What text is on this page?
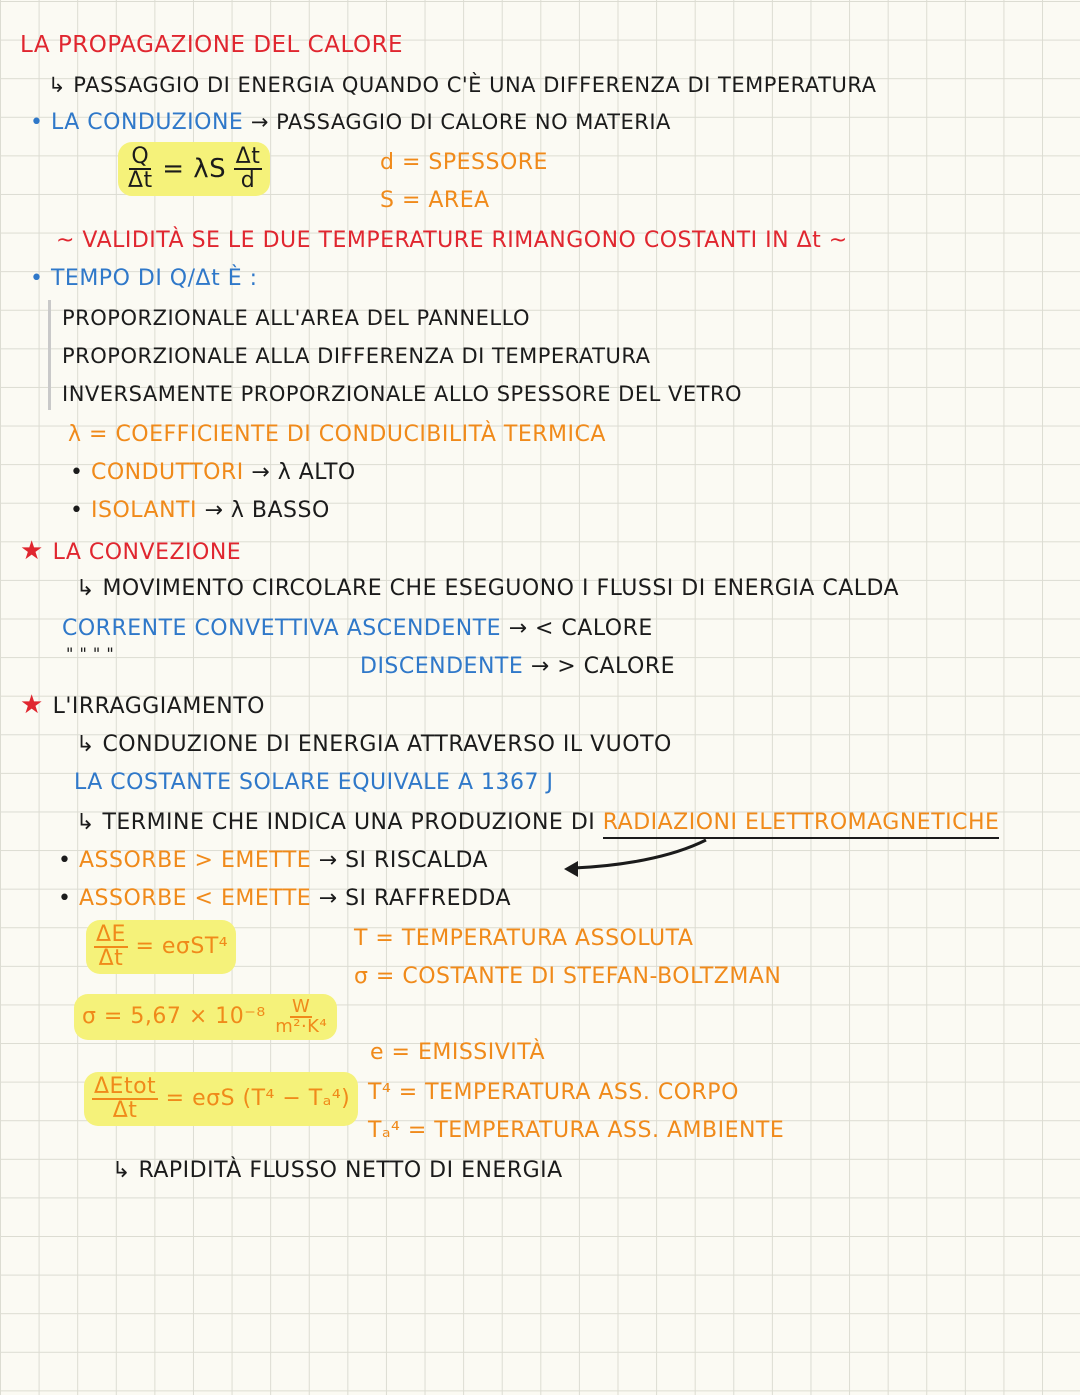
LA PROPAGAZIONE DEL CALORE
↳ PASSAGGIO DI ENERGIA QUANDO C'È UNA DIFFERENZA DI TEMPERATURA
• LA CONDUZIONE → PASSAGGIO DI CALORE NO MATERIA
$\frac{Q}{\Delta t} = \lambda S \frac{\Delta t}{d}$	d = SPESSORE
S = AREA
~ VALIDITÀ SE LE DUE TEMPERATURE RIMANGONO COSTANTI IN Δt ~
• TEMPO DI Q/Δt È :
PROPORZIONALE ALL'AREA DEL PANNELLO
PROPORZIONALE ALLA DIFFERENZA DI TEMPERATURA
INVERSAMENTE PROPORZIONALE ALLO SPESSORE DEL VETRO
λ = COEFFICIENTE DI CONDUCIBILITÀ TERMICA
• CONDUTTORI → λ ALTO
• ISOLANTI → λ BASSO
★ LA CONVEZIONE
↳ MOVIMENTO CIRCOLARE CHE ESEGUONO I FLUSSI DI ENERGIA CALDA
CORRENTE CONVETTIVA ASCENDENTE → < CALORE
" " " "
DISCENDENTE → > CALORE
★ L'IRRAGGIAMENTO
↳ CONDUZIONE DI ENERGIA ATTRAVERSO IL VUOTO
LA COSTANTE SOLARE EQUIVALE A 1367 J
↳ TERMINE CHE INDICA UNA PRODUZIONE DI RADIAZIONI ELETTROMAGNETICHE
• ASSORBE > EMETTE → SI RISCALDA
• ASSORBE < EMETTE → SI RAFFREDDA
$\frac{\Delta E}{\Delta t} = e\sigma ST^4$	T = TEMPERATURA ASSOLUTA
σ = COSTANTE DI STEFAN-BOLTZMAN
$\sigma = 5,67 \times 10^{-8} \frac{W}{\text{m²·K⁴}}$
e = EMISSIVITÀ
$\frac{\text{ΔEtot}}{\Delta t} = e\sigma S$ (T⁴ − Tₐ⁴) T⁴ = TEMPERATURA ASS. CORPO
Tₐ⁴ = TEMPERATURA ASS. AMBIENTE
↳ RAPIDITÀ FLUSSO NETTO DI ENERGIA
